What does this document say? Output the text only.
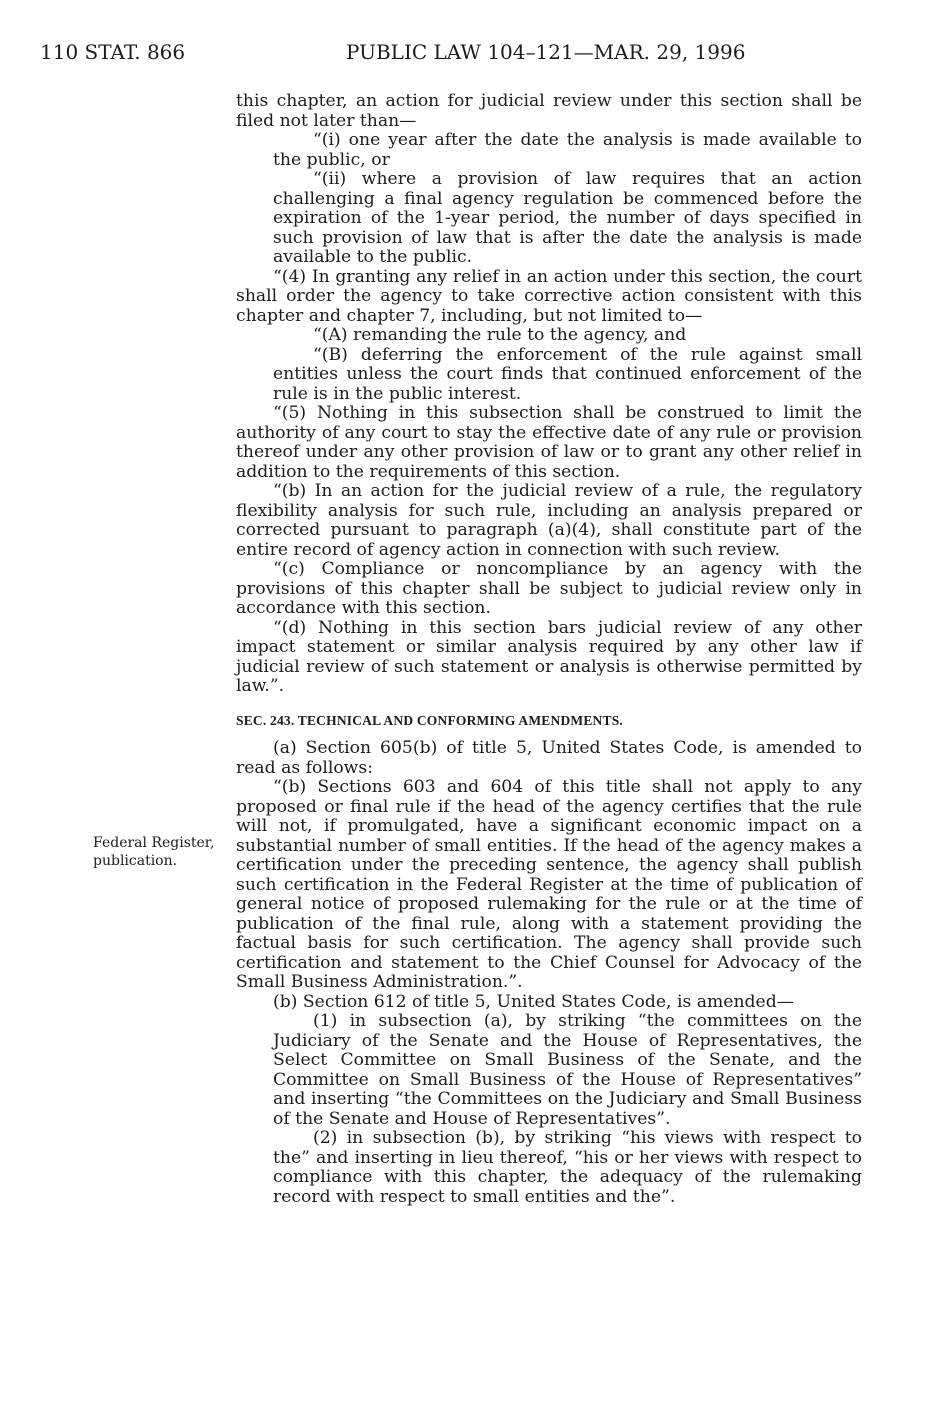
110 STAT. 866	PUBLIC LAW 104–121—MAR. 29, 1996

this chapter, an action for judicial review under this section shall be filed not later than—

“(i) one year after the date the analysis is made available to the public, or

“(ii) where a provision of law requires that an action challenging a final agency regulation be commenced before the expiration of the 1-year period, the number of days specified in such provision of law that is after the date the analysis is made available to the public.

“(4) In granting any relief in an action under this section, the court shall order the agency to take corrective action consistent with this chapter and chapter 7, including, but not limited to—

“(A) remanding the rule to the agency, and

“(B) deferring the enforcement of the rule against small entities unless the court finds that continued enforcement of the rule is in the public interest.

“(5) Nothing in this subsection shall be construed to limit the authority of any court to stay the effective date of any rule or provision thereof under any other provision of law or to grant any other relief in addition to the requirements of this section.

“(b) In an action for the judicial review of a rule, the regulatory flexibility analysis for such rule, including an analysis prepared or corrected pursuant to paragraph (a)(4), shall constitute part of the entire record of agency action in connection with such review.

“(c) Compliance or noncompliance by an agency with the provisions of this chapter shall be subject to judicial review only in accordance with this section.

“(d) Nothing in this section bars judicial review of any other impact statement or similar analysis required by any other law if judicial review of such statement or analysis is otherwise permitted by law.”.

SEC. 243. TECHNICAL AND CONFORMING AMENDMENTS.

(a) Section 605(b) of title 5, United States Code, is amended to read as follows:

“(b) Sections 603 and 604 of this title shall not apply to any proposed or final rule if the head of the agency certifies that the rule will not, if promulgated, have a significant economic impact on a substantial number of small entities. If the head of the agency makes a certification under the preceding sentence, the agency shall publish such certification in the Federal Register at the time of publication of general notice of proposed rulemaking for the rule or at the time of publication of the final rule, along with a statement providing the factual basis for such certification. The agency shall provide such certification and statement to the Chief Counsel for Advocacy of the Small Business Administration.”.

(b) Section 612 of title 5, United States Code, is amended—

(1) in subsection (a), by striking “the committees on the Judiciary of the Senate and the House of Representatives, the Select Committee on Small Business of the Senate, and the Committee on Small Business of the House of Representatives” and inserting “the Committees on the Judiciary and Small Business of the Senate and House of Representatives”.

(2) in subsection (b), by striking “his views with respect to the” and inserting in lieu thereof, “his or her views with respect to compliance with this chapter, the adequacy of the rulemaking record with respect to small entities and the”.

Federal Register,
publication.
